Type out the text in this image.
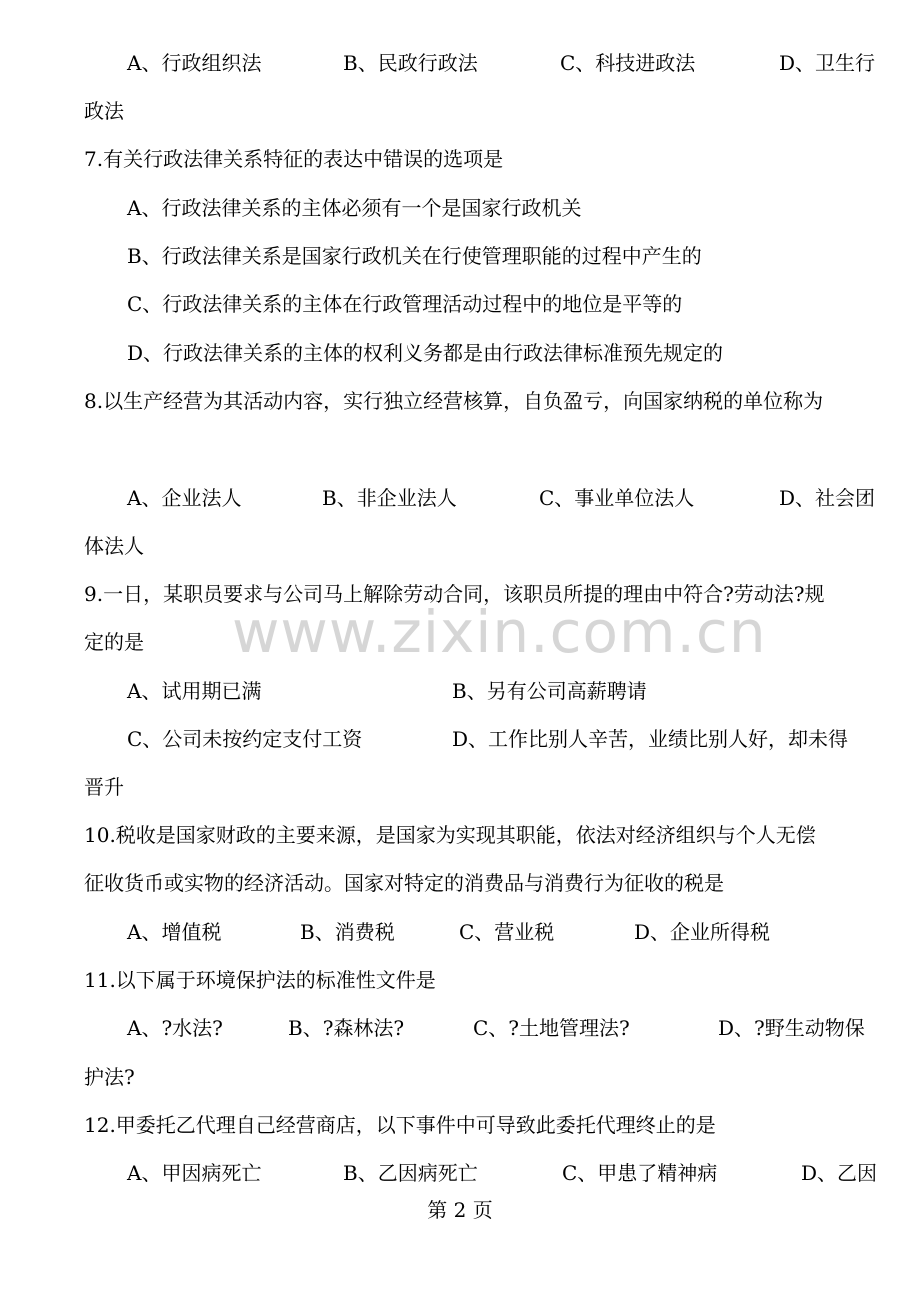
A、行政组织法	B、民政行政法	C、科技进政法	D、卫生行
政法
7.有关行政法律关系特征的表达中错误的选项是
A、行政法律关系的主体必须有一个是国家行政机关
B、行政法律关系是国家行政机关在行使管理职能的过程中产生的
C、行政法律关系的主体在行政管理活动过程中的地位是平等的
D、行政法律关系的主体的权利义务都是由行政法律标准预先规定的
8.以生产经营为其活动内容，实行独立经营核算，自负盈亏，向国家纳税的单位称为
A、企业法人	B、非企业法人	C、事业单位法人	D、社会团
体法人
9.一日，某职员要求与公司马上解除劳动合同，该职员所提的理由中符合?劳动法?规
定的是
A、试用期已满	B、另有公司高薪聘请
C、公司未按约定支付工资	D、工作比别人辛苦，业绩比别人好，却未得
晋升
10.税收是国家财政的主要来源，是国家为实现其职能，依法对经济组织与个人无偿
征收货币或实物的经济活动。国家对特定的消费品与消费行为征收的税是
A、增值税	B、消费税	C、营业税	D、企业所得税
11.以下属于环境保护法的标准性文件是
A、?水法?	B、?森林法?	C、?土地管理法?	D、?野生动物保
护法?
12.甲委托乙代理自己经营商店，以下事件中可导致此委托代理终止的是
A、甲因病死亡	B、乙因病死亡	C、甲患了精神病	D、乙因
www.zixin.com.cn
第 2 页
